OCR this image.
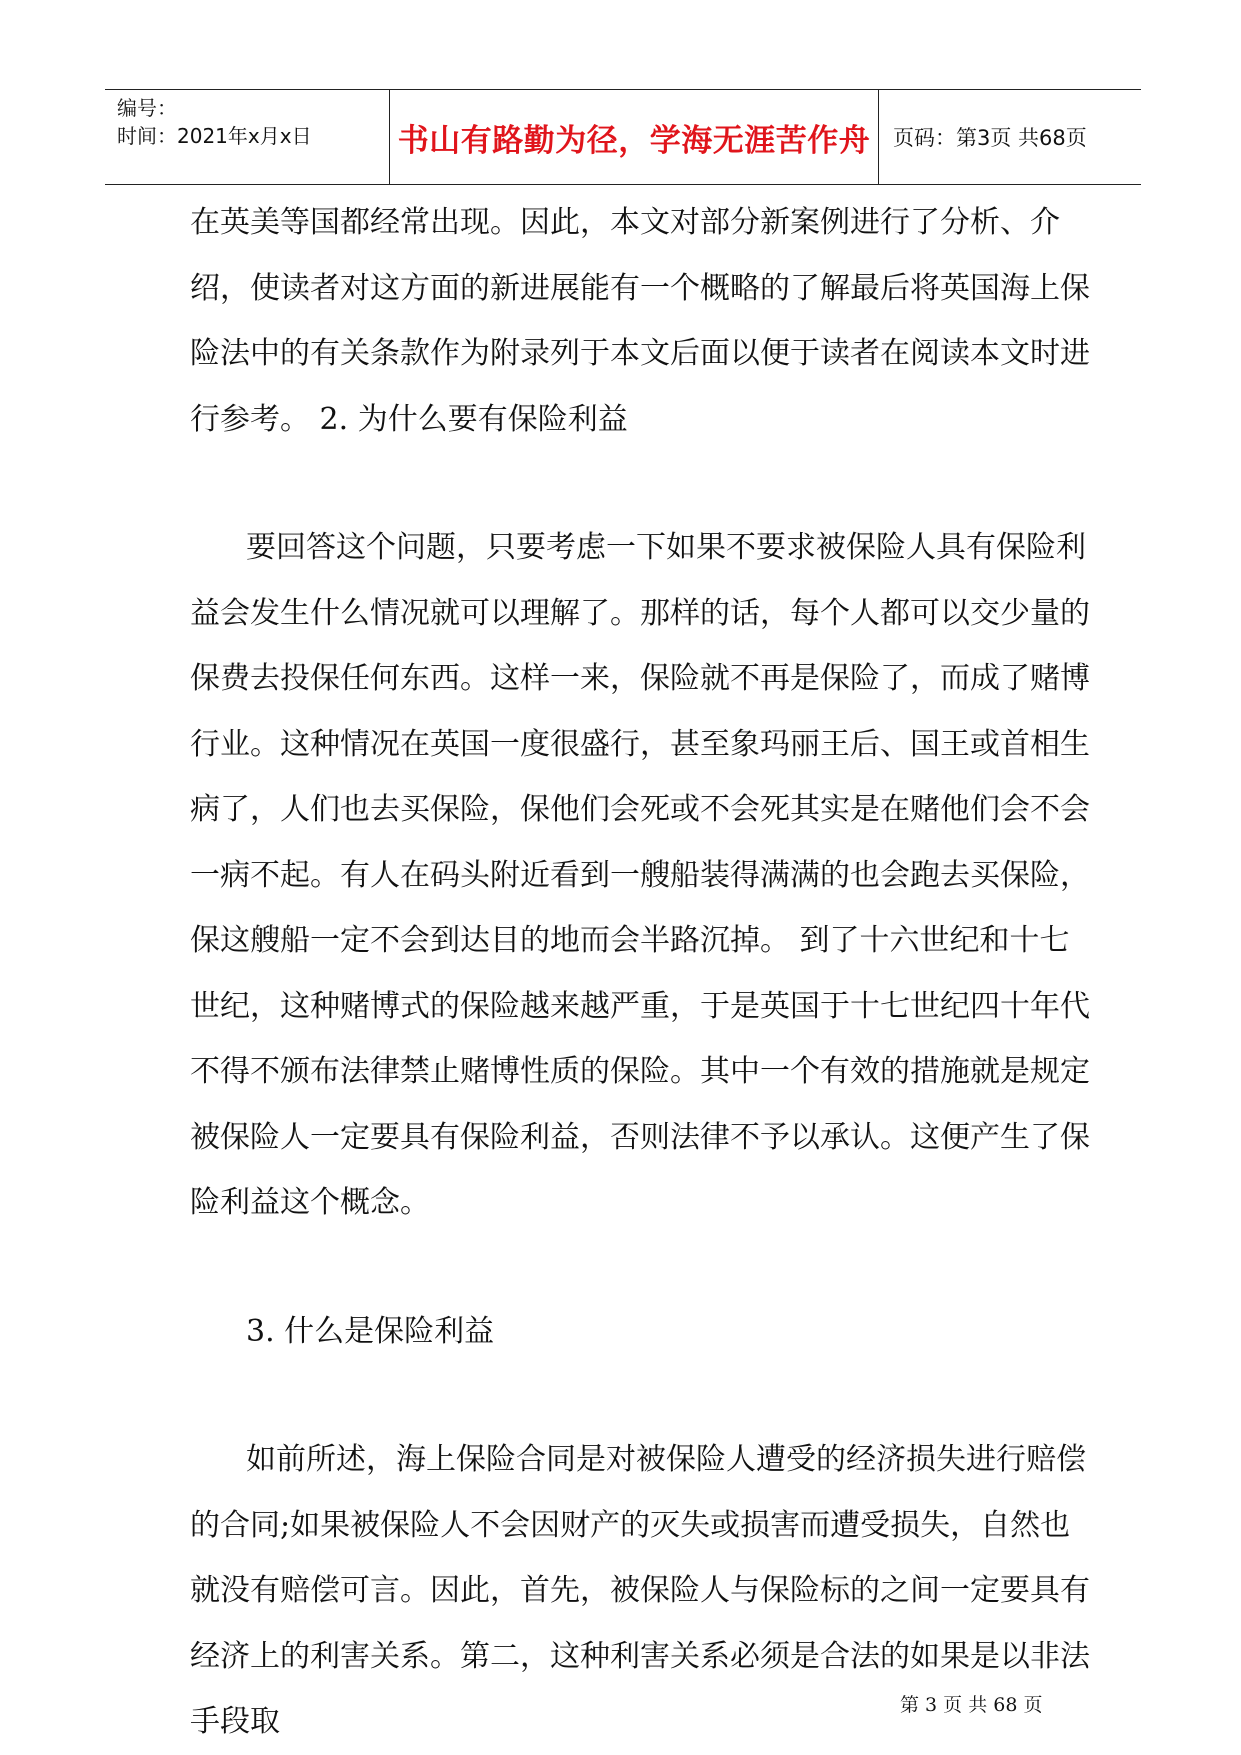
编号：
时间：2021年x月x日	书山有路勤为径，学海无涯苦作舟	页码：第3页 共68页

在英美等国都经常出现。因此，本文对部分新案例进行了分析、介绍，使读者对这方面的新进展能有一个概略的了解最后将英国海上保险法中的有关条款作为附录列于本文后面以便于读者在阅读本文时进行参考。 2. 为什么要有保险利益

要回答这个问题，只要考虑一下如果不要求被保险人具有保险利益会发生什么情况就可以理解了。那样的话，每个人都可以交少量的保费去投保任何东西。这样一来，保险就不再是保险了，而成了赌博行业。这种情况在英国一度很盛行，甚至象玛丽王后、国王或首相生病了，人们也去买保险，保他们会死或不会死其实是在赌他们会不会一病不起。有人在码头附近看到一艘船装得满满的也会跑去买保险，保这艘船一定不会到达目的地而会半路沉掉。 到了十六世纪和十七世纪，这种赌博式的保险越来越严重，于是英国于十七世纪四十年代不得不颁布法律禁止赌博性质的保险。其中一个有效的措施就是规定被保险人一定要具有保险利益，否则法律不予以承认。这便产生了保险利益这个概念。

3. 什么是保险利益

如前所述，海上保险合同是对被保险人遭受的经济损失进行赔偿的合同;如果被保险人不会因财产的灭失或损害而遭受损失，自然也就没有赔偿可言。因此，首先，被保险人与保险标的之间一定要具有经济上的利害关系。第二，这种利害关系必须是合法的如果是以非法手段取	第 3 页 共 68 页
